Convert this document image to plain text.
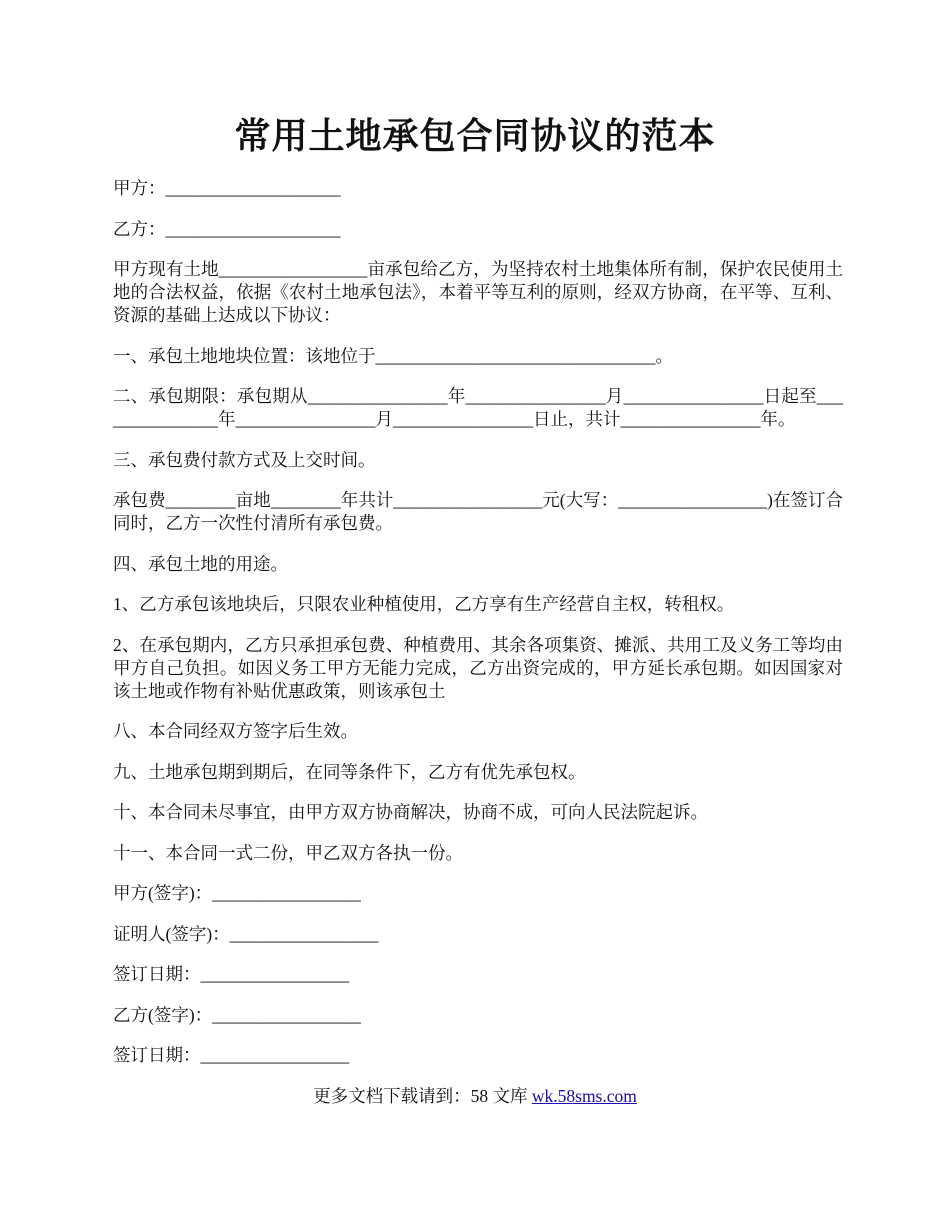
常用土地承包合同协议的范本

甲方：____________________

乙方：____________________

甲方现有土地_________________亩承包给乙方，为坚持农村土地集体所有制，保护农民使用土地的合法权益，依据《农村土地承包法》，本着平等互利的原则，经双方协商，在平等、互利、资源的基础上达成以下协议：

一、承包土地地块位置：该地位于________________________________。

二、承包期限：承包期从________________年________________月________________日起至_______________年________________月________________日止，共计________________年。

三、承包费付款方式及上交时间。

承包费________亩地________年共计_________________元(大写：_________________)在签订合同时，乙方一次性付清所有承包费。

四、承包土地的用途。

1、乙方承包该地块后，只限农业种植使用，乙方享有生产经营自主权，转租权。

2、在承包期内，乙方只承担承包费、种植费用、其余各项集资、摊派、共用工及义务工等均由甲方自己负担。如因义务工甲方无能力完成，乙方出资完成的，甲方延长承包期。如因国家对该土地或作物有补贴优惠政策，则该承包土

八、本合同经双方签字后生效。

九、土地承包期到期后，在同等条件下，乙方有优先承包权。

十、本合同未尽事宜，由甲方双方协商解决，协商不成，可向人民法院起诉。

十一、本合同一式二份，甲乙双方各执一份。

甲方(签字)：_________________

证明人(签字)：_________________

签订日期：_________________

乙方(签字)：_________________

签订日期：_________________

更多文档下载请到：58 文库 wk.58sms.com
